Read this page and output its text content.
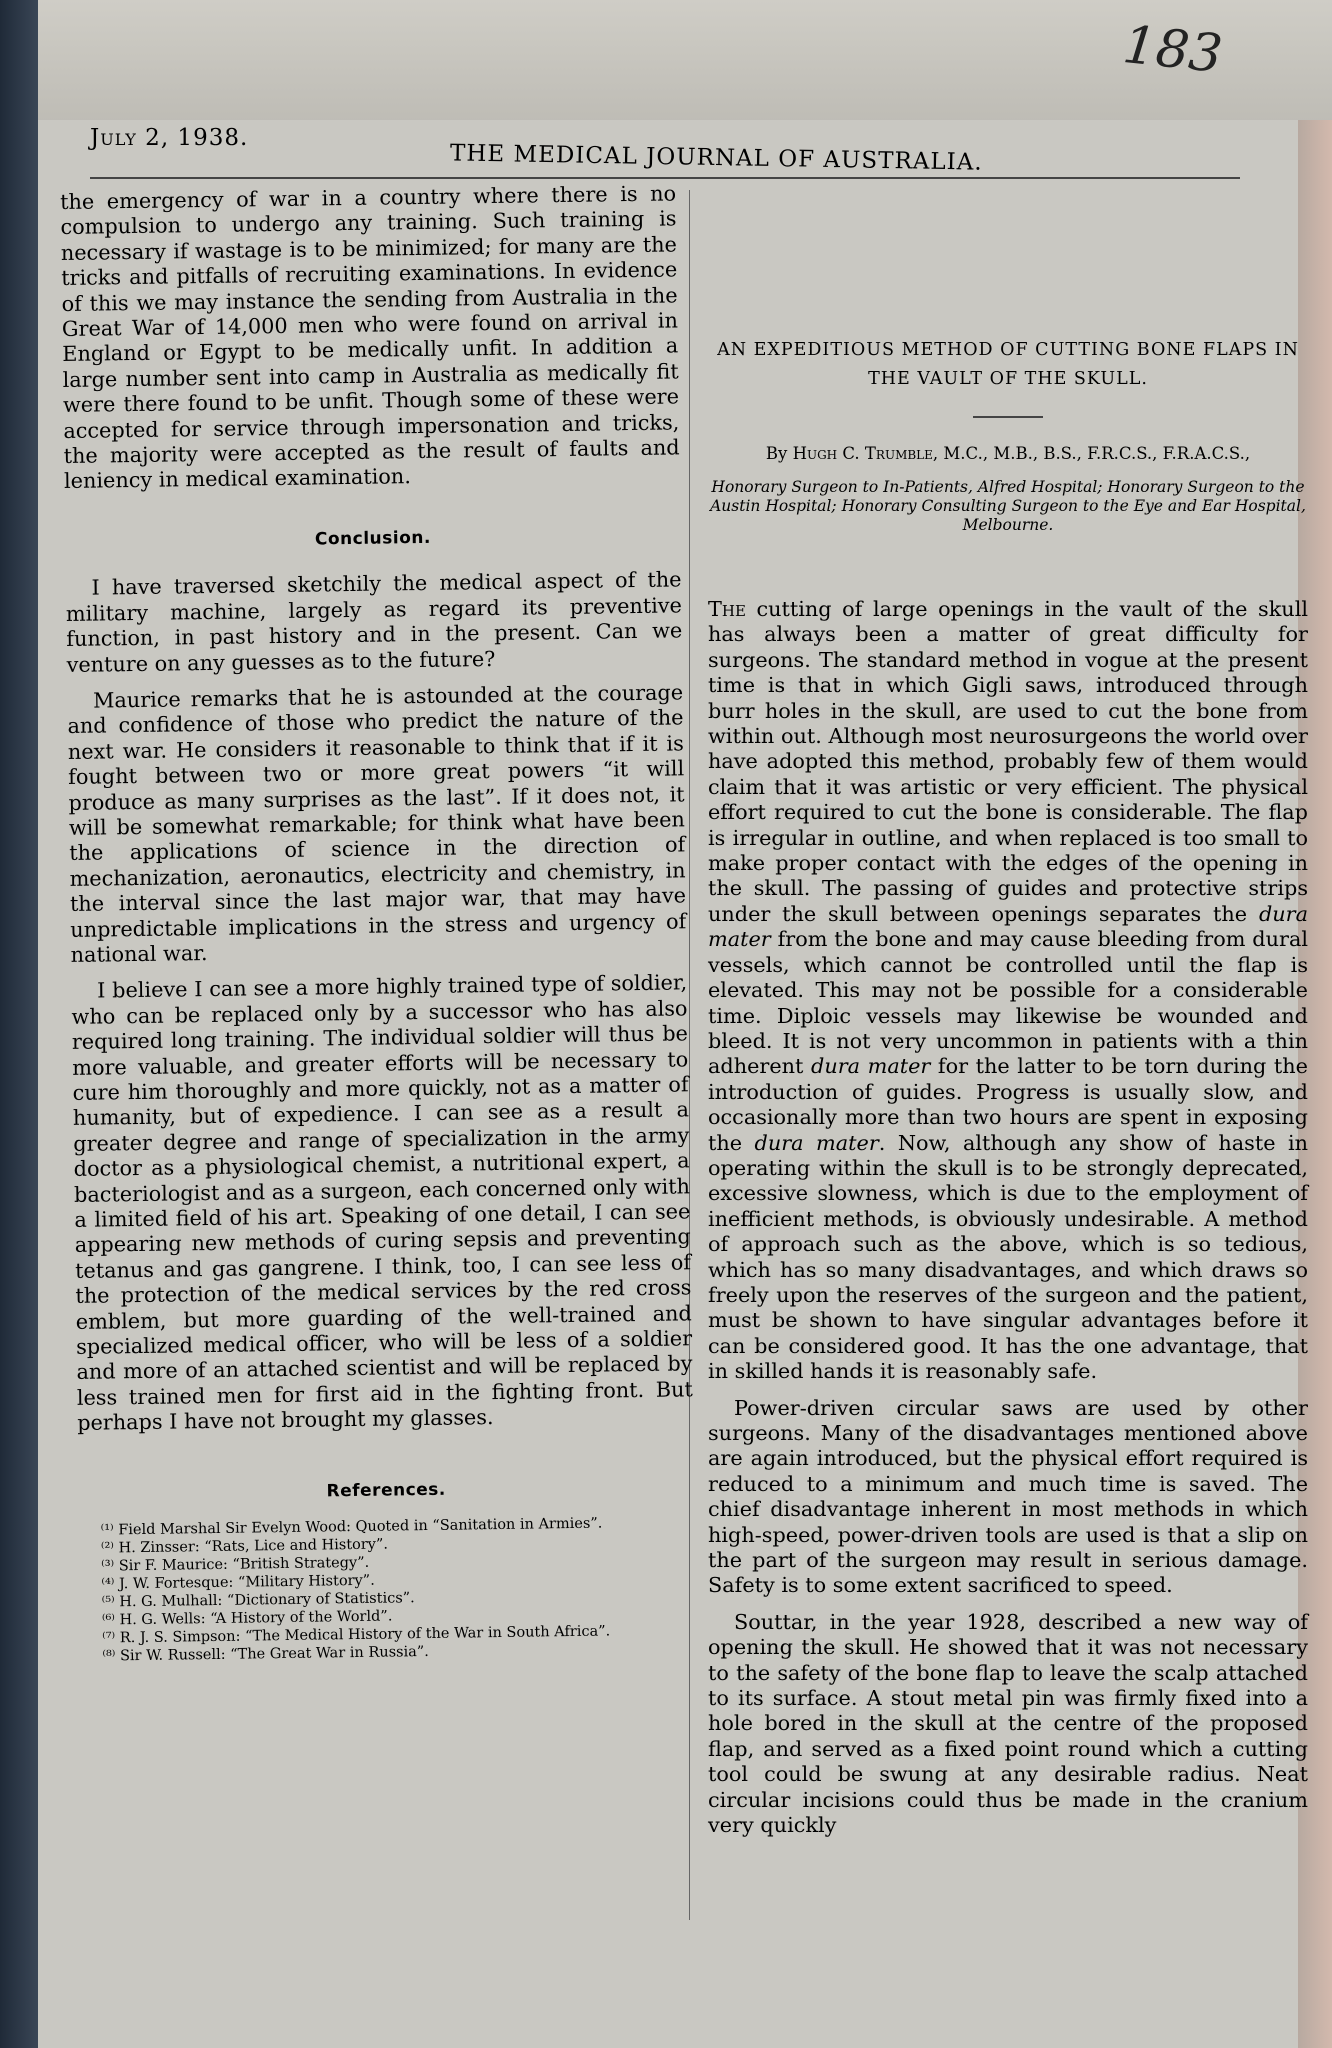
183
July 2, 1938.
THE MEDICAL JOURNAL OF AUSTRALIA.

the emergency of war in a country where there is no compulsion to undergo any training. Such training is necessary if wastage is to be minimized; for many are the tricks and pitfalls of recruiting examinations. In evidence of this we may instance the sending from Australia in the Great War of 14,000 men who were found on arrival in England or Egypt to be medically unfit. In addition a large number sent into camp in Australia as medically fit were there found to be unfit. Though some of these were accepted for service through impersonation and tricks, the majority were accepted as the result of faults and leniency in medical examination.

Conclusion.

I have traversed sketchily the medical aspect of the military machine, largely as regard its preventive function, in past history and in the present. Can we venture on any guesses as to the future?

Maurice remarks that he is astounded at the courage and confidence of those who predict the nature of the next war. He considers it reasonable to think that if it is fought between two or more great powers “it will produce as many surprises as the last”. If it does not, it will be somewhat remarkable; for think what have been the applications of science in the direction of mechanization, aeronautics, electricity and chemistry, in the interval since the last major war, that may have unpredictable implications in the stress and urgency of national war.

I believe I can see a more highly trained type of soldier, who can be replaced only by a successor who has also required long training. The individual soldier will thus be more valuable, and greater efforts will be necessary to cure him thoroughly and more quickly, not as a matter of humanity, but of expedience. I can see as a result a greater degree and range of specialization in the army doctor as a physiological chemist, a nutritional expert, a bacteriologist and as a surgeon, each concerned only with a limited field of his art. Speaking of one detail, I can see appearing new methods of curing sepsis and preventing tetanus and gas gangrene. I think, too, I can see less of the protection of the medical services by the red cross emblem, but more guarding of the well-trained and specialized medical officer, who will be less of a soldier and more of an attached scientist and will be replaced by less trained men for first aid in the fighting front. But perhaps I have not brought my glasses.

References.

⁽¹⁾ Field Marshal Sir Evelyn Wood: Quoted in “Sanitation in Armies”.

⁽²⁾ H. Zinsser: “Rats, Lice and History”.

⁽³⁾ Sir F. Maurice: “British Strategy”.

⁽⁴⁾ J. W. Fortesque: “Military History”.

⁽⁵⁾ H. G. Mulhall: “Dictionary of Statistics”.

⁽⁶⁾ H. G. Wells: “A History of the World”.

⁽⁷⁾ R. J. S. Simpson: “The Medical History of the War in South Africa”.

⁽⁸⁾ Sir W. Russell: “The Great War in Russia”.

AN EXPEDITIOUS METHOD OF CUTTING BONE FLAPS IN THE VAULT OF THE SKULL.
By Hugh C. Trumble, M.C., M.B., B.S., F.R.C.S., F.R.A.C.S.,
Honorary Surgeon to In-Patients, Alfred Hospital; Honorary Surgeon to the Austin Hospital; Honorary Consulting Surgeon to the Eye and Ear Hospital, Melbourne.

The cutting of large openings in the vault of the skull has always been a matter of great difficulty for surgeons. The standard method in vogue at the present time is that in which Gigli saws, introduced through burr holes in the skull, are used to cut the bone from within out. Although most neurosurgeons the world over have adopted this method, probably few of them would claim that it was artistic or very efficient. The physical effort required to cut the bone is considerable. The flap is irregular in outline, and when replaced is too small to make proper contact with the edges of the opening in the skull. The passing of guides and protective strips under the skull between openings separates the dura mater from the bone and may cause bleeding from dural vessels, which cannot be controlled until the flap is elevated. This may not be possible for a considerable time. Diploic vessels may likewise be wounded and bleed. It is not very uncommon in patients with a thin adherent dura mater for the latter to be torn during the introduction of guides. Progress is usually slow, and occasionally more than two hours are spent in exposing the dura mater. Now, although any show of haste in operating within the skull is to be strongly deprecated, excessive slowness, which is due to the employment of inefficient methods, is obviously undesirable. A method of approach such as the above, which is so tedious, which has so many disadvantages, and which draws so freely upon the reserves of the surgeon and the patient, must be shown to have singular advantages before it can be considered good. It has the one advantage, that in skilled hands it is reasonably safe.

Power-driven circular saws are used by other surgeons. Many of the disadvantages mentioned above are again introduced, but the physical effort required is reduced to a minimum and much time is saved. The chief disadvantage inherent in most methods in which high-speed, power-driven tools are used is that a slip on the part of the surgeon may result in serious damage. Safety is to some extent sacrificed to speed.

Souttar, in the year 1928, described a new way of opening the skull. He showed that it was not necessary to the safety of the bone flap to leave the scalp attached to its surface. A stout metal pin was firmly fixed into a hole bored in the skull at the centre of the proposed flap, and served as a fixed point round which a cutting tool could be swung at any desirable radius. Neat circular incisions could thus be made in the cranium very quickly
